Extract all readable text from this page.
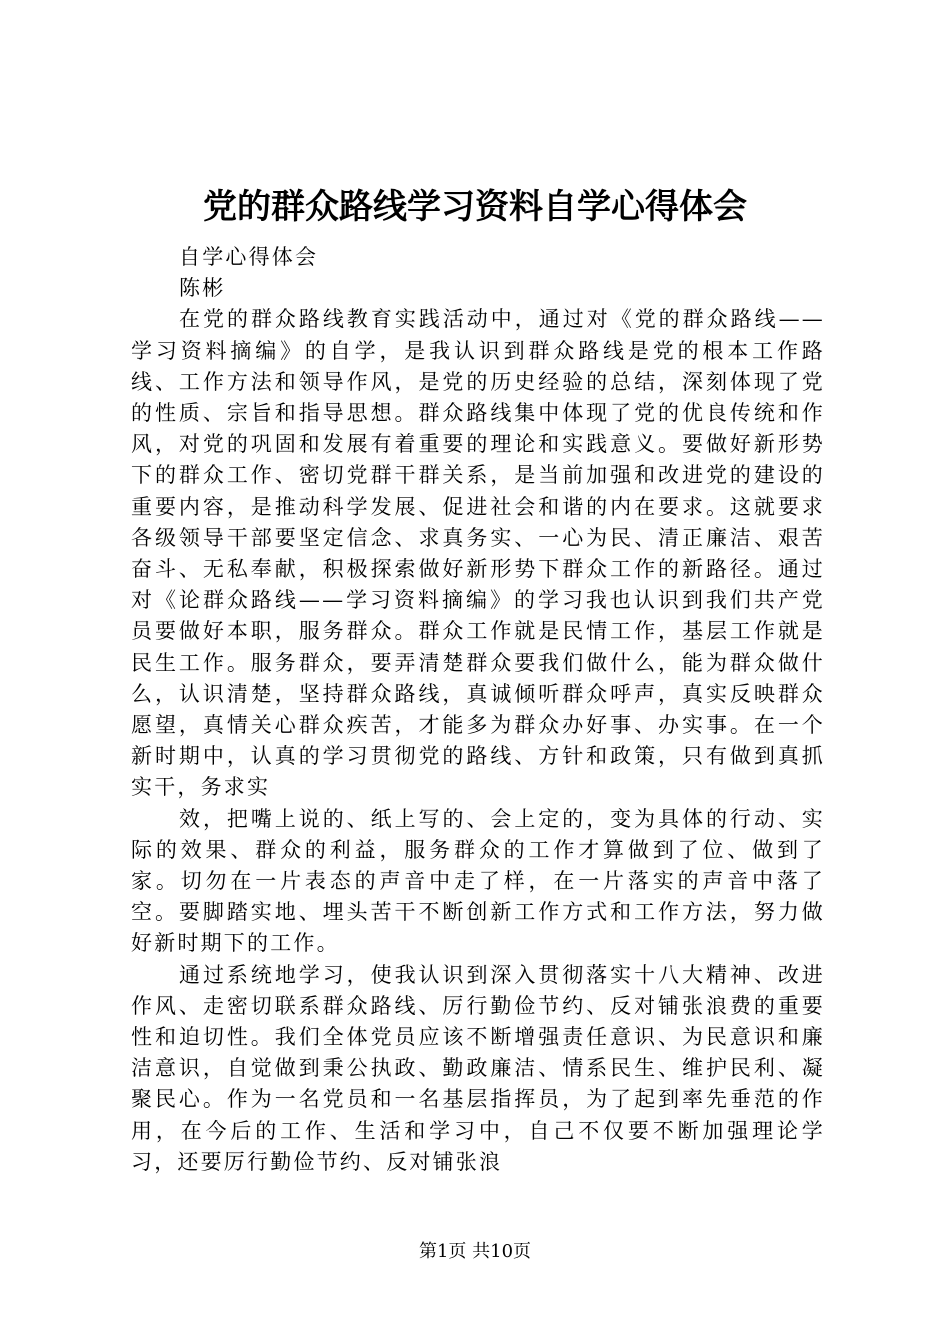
党的群众路线学习资料自学心得体会

自学心得体会

陈彬

在党的群众路线教育实践活动中，通过对《党的群众路线——学习资料摘编》的自学，是我认识到群众路线是党的根本工作路线、工作方法和领导作风，是党的历史经验的总结，深刻体现了党的性质、宗旨和指导思想。群众路线集中体现了党的优良传统和作风，对党的巩固和发展有着重要的理论和实践意义。要做好新形势下的群众工作、密切党群干群关系，是当前加强和改进党的建设的重要内容，是推动科学发展、促进社会和谐的内在要求。这就要求各级领导干部要坚定信念、求真务实、一心为民、清正廉洁、艰苦奋斗、无私奉献，积极探索做好新形势下群众工作的新路径。通过对《论群众路线——学习资料摘编》的学习我也认识到我们共产党员要做好本职，服务群众。群众工作就是民情工作，基层工作就是民生工作。服务群众，要弄清楚群众要我们做什么，能为群众做什么，认识清楚，坚持群众路线，真诚倾听群众呼声，真实反映群众愿望，真情关心群众疾苦，才能多为群众办好事、办实事。在一个新时期中，认真的学习贯彻党的路线、方针和政策，只有做到真抓实干，务求实

效，把嘴上说的、纸上写的、会上定的，变为具体的行动、实际的效果、群众的利益，服务群众的工作才算做到了位、做到了家。切勿在一片表态的声音中走了样，在一片落实的声音中落了空。要脚踏实地、埋头苦干不断创新工作方式和工作方法，努力做好新时期下的工作。

通过系统地学习，使我认识到深入贯彻落实十八大精神、改进作风、走密切联系群众路线、厉行勤俭节约、反对铺张浪费的重要性和迫切性。我们全体党员应该不断增强责任意识、为民意识和廉洁意识，自觉做到秉公执政、勤政廉洁、情系民生、维护民利、凝聚民心。作为一名党员和一名基层指挥员，为了起到率先垂范的作用，在今后的工作、生活和学习中，自己不仅要不断加强理论学习，还要厉行勤俭节约、反对铺张浪

第1页 共10页
